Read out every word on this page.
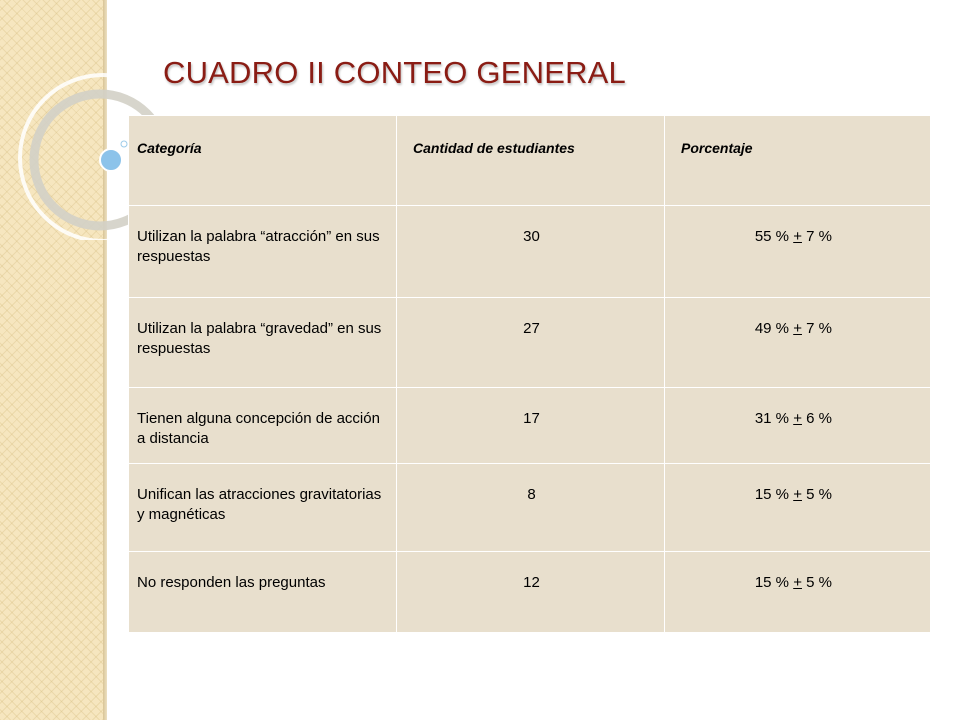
CUADRO II CONTEO GENERAL
Categoría	Cantidad de estudiantes	Porcentaje
Utilizan la palabra “atracción” en sus respuestas	30	55 % + 7 %
Utilizan la palabra “gravedad” en sus respuestas	27	49 % + 7 %
Tienen alguna concepción de acción a distancia	17	31 % + 6 %
Unifican las atracciones gravitatorias y magnéticas	8	15 % + 5 %
No responden las preguntas	12	15 % + 5 %
